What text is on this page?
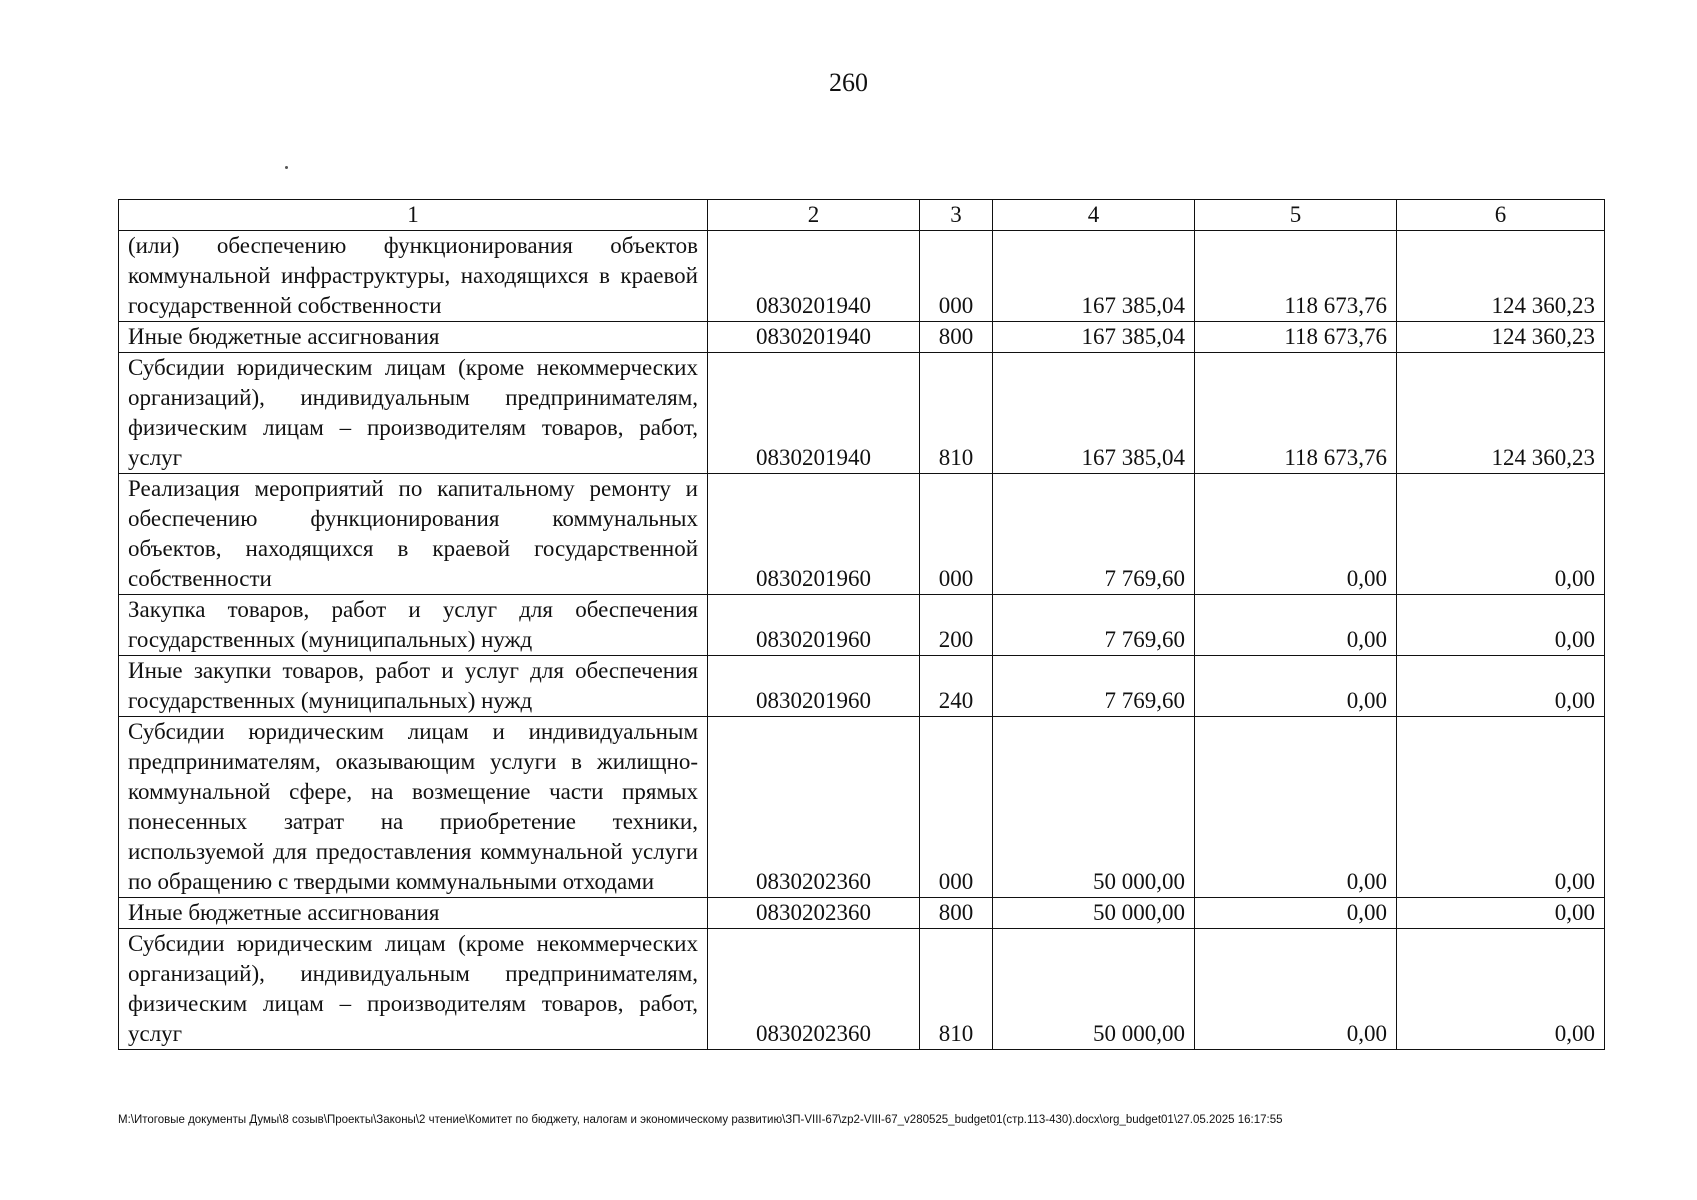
260
1	2	3	4	5	6
(или) обеспечению функционирования объектов коммунальной инфраструктуры, находящихся в краевой государственной собственности	0830201940	000	167 385,04	118 673,76	124 360,23
Иные бюджетные ассигнования	0830201940	800	167 385,04	118 673,76	124 360,23
Субсидии юридическим лицам (кроме некоммерческих организаций), индивидуальным предпринимателям, физическим лицам – производителям товаров, работ, услуг	0830201940	810	167 385,04	118 673,76	124 360,23
Реализация мероприятий по капитальному ремонту и обеспечению функционирования коммунальных объектов, находящихся в краевой государственной собственности	0830201960	000	7 769,60	0,00	0,00
Закупка товаров, работ и услуг для обеспечения государственных (муниципальных) нужд	0830201960	200	7 769,60	0,00	0,00
Иные закупки товаров, работ и услуг для обеспечения государственных (муниципальных) нужд	0830201960	240	7 769,60	0,00	0,00
Субсидии юридическим лицам и индивидуальным предпринимателям, оказывающим услуги в жилищно-коммунальной сфере, на возмещение части прямых понесенных затрат на приобретение техники, используемой для предоставления коммунальной услуги по обращению с твердыми коммунальными отходами	0830202360	000	50 000,00	0,00	0,00
Иные бюджетные ассигнования	0830202360	800	50 000,00	0,00	0,00
Субсидии юридическим лицам (кроме некоммерческих организаций), индивидуальным предпринимателям, физическим лицам – производителям товаров, работ, услуг	0830202360	810	50 000,00	0,00	0,00
M:\Итоговые документы Думы\8 созыв\Проекты\Законы\2 чтение\Комитет по бюджету, налогам и экономическому развитию\ЗП-VIII-67\zp2-VIII-67_v280525_budget01(стр.113-430).docx\org_budget01\27.05.2025 16:17:55
